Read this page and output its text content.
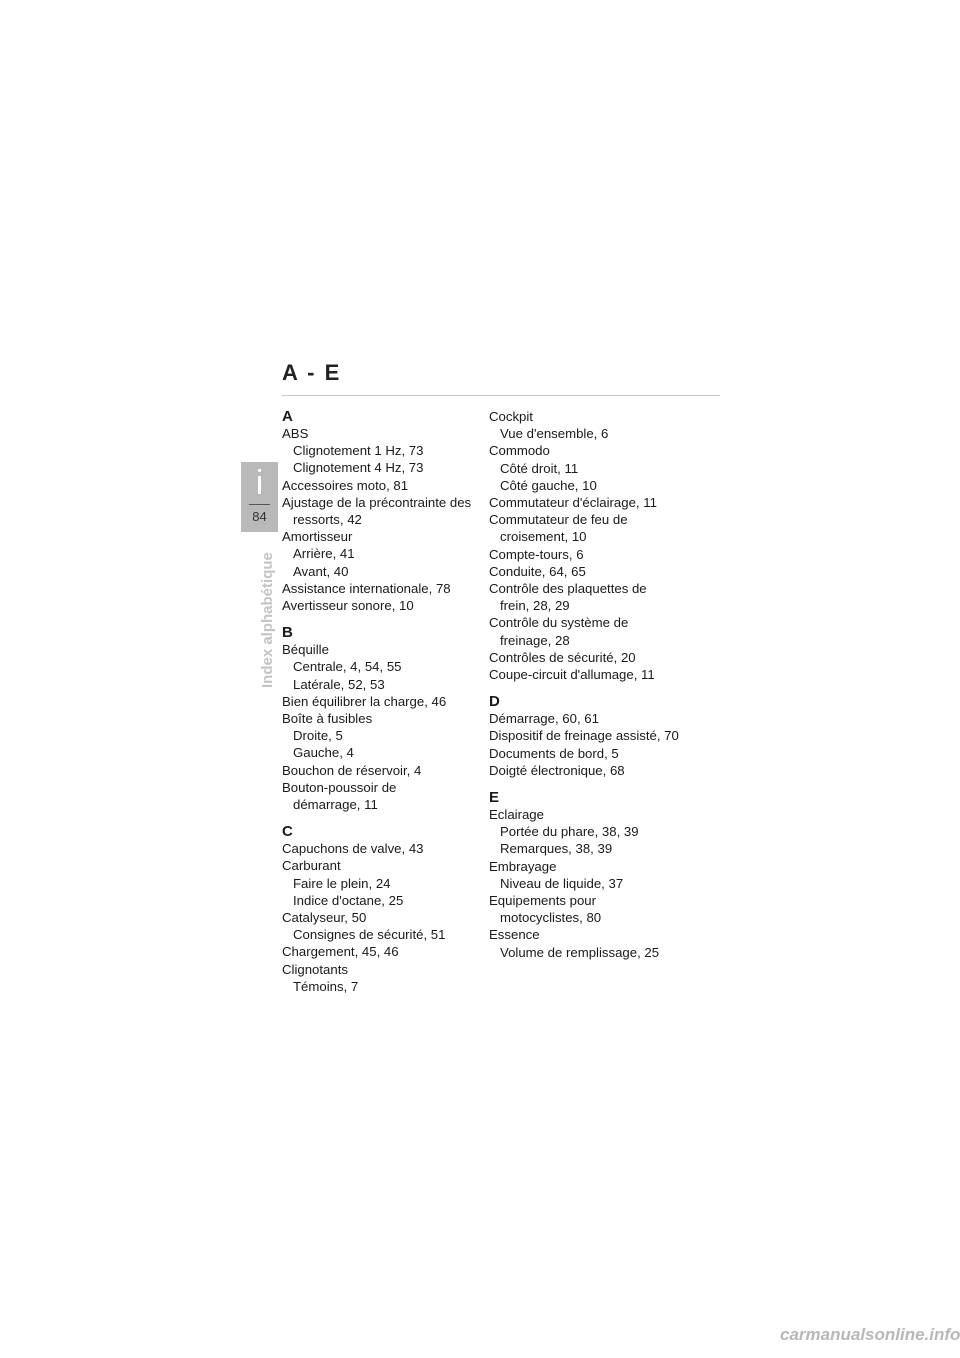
A - E
i
84
Index alphabétique
A
ABS
Clignotement 1 Hz, 73
Clignotement 4 Hz, 73
Accessoires moto, 81
Ajustage de la précontrainte des
ressorts, 42
Amortisseur
Arrière, 41
Avant, 40
Assistance internationale, 78
Avertisseur sonore, 10
B
Béquille
Centrale, 4, 54, 55
Latérale, 52, 53
Bien équilibrer la charge, 46
Boîte à fusibles
Droite, 5
Gauche, 4
Bouchon de réservoir, 4
Bouton-poussoir de
démarrage, 11
C
Capuchons de valve, 43
Carburant
Faire le plein, 24
Indice d'octane, 25
Catalyseur, 50
Consignes de sécurité, 51
Chargement, 45, 46
Clignotants
Témoins, 7
Cockpit
Vue d'ensemble, 6
Commodo
Côté droit, 11
Côté gauche, 10
Commutateur d'éclairage, 11
Commutateur de feu de
croisement, 10
Compte-tours, 6
Conduite, 64, 65
Contrôle des plaquettes de
frein, 28, 29
Contrôle du système de
freinage, 28
Contrôles de sécurité, 20
Coupe-circuit d'allumage, 11
D
Démarrage, 60, 61
Dispositif de freinage assisté, 70
Documents de bord, 5
Doigté électronique, 68
E
Eclairage
Portée du phare, 38, 39
Remarques, 38, 39
Embrayage
Niveau de liquide, 37
Equipements pour
motocyclistes, 80
Essence
Volume de remplissage, 25
carmanualsonline.info
